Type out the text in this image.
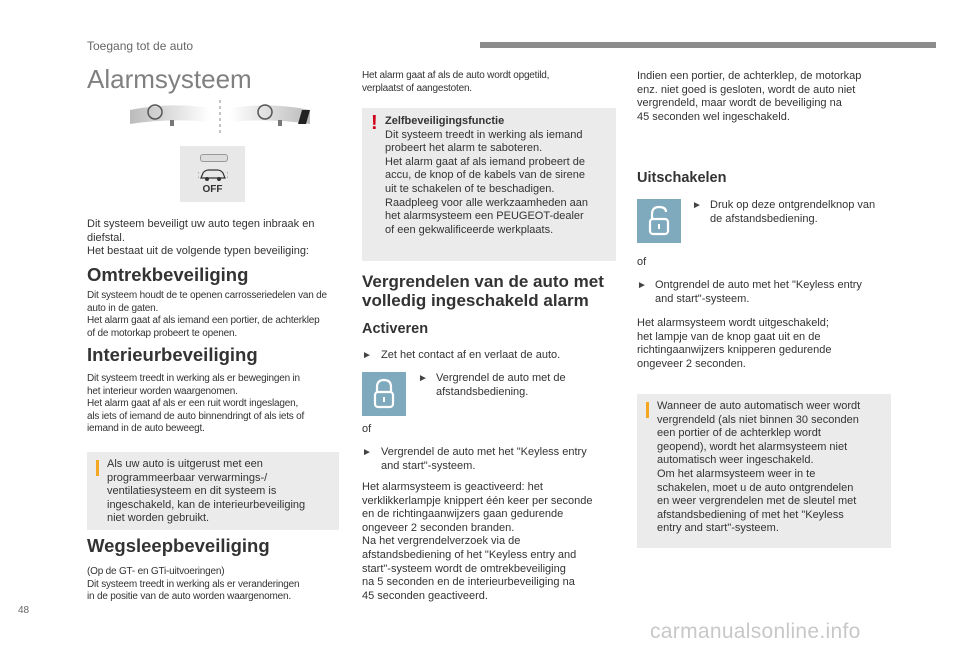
Toegang tot de auto
Alarmsysteem
OFF

Dit systeem beveiligt uw auto tegen inbraak en

diefstal.

Het bestaat uit de volgende typen beveiliging:

Omtrekbeveiliging

Dit systeem houdt de te openen carrosseriedelen van de

auto in de gaten.

Het alarm gaat af als iemand een portier, de achterklep

of de motorkap probeert te openen.

Interieurbeveiliging

Dit systeem treedt in werking als er bewegingen in

het interieur worden waargenomen.

Het alarm gaat af als er een ruit wordt ingeslagen,

als iets of iemand de auto binnendringt of als iets of

iemand in de auto beweegt.

Als uw auto is uitgerust met een

programmeerbaar verwarmings-/

ventilatiesysteem en dit systeem is

ingeschakeld, kan de interieurbeveiliging

niet worden gebruikt.

Wegsleepbeveiliging

(Op de GT- en GTi-uitvoeringen)

Dit systeem treedt in werking als er veranderingen

in de positie van de auto worden waargenomen.

Het alarm gaat af als de auto wordt opgetild,

verplaatst of aangestoten.

! Zelfbeveiligingsfunctie

Dit systeem treedt in werking als iemand

probeert het alarm te saboteren.

Het alarm gaat af als iemand probeert de

accu, de knop of de kabels van de sirene

uit te schakelen of te beschadigen.

Raadpleeg voor alle werkzaamheden aan

het alarmsysteem een PEUGEOT-dealer

of een gekwalificeerde werkplaats.

Vergrendelen van de auto met
volledig ingeschakeld alarm
Activeren
► Zet het contact af en verlaat de auto.
► Vergrendel de auto met de

afstandsbediening.

of
► Vergrendel de auto met het "Keyless entry

and start"-systeem.

Het alarmsysteem is geactiveerd: het

verklikkerlampje knippert één keer per seconde

en de richtingaanwijzers gaan gedurende

ongeveer 2 seconden branden.

Na het vergrendelverzoek via de

afstandsbediening of het "Keyless entry and

start"-systeem wordt de omtrekbeveiliging

na 5 seconden en de interieurbeveiliging na

45 seconden geactiveerd.

Indien een portier, de achterklep, de motorkap

enz. niet goed is gesloten, wordt de auto niet

vergrendeld, maar wordt de beveiliging na

45 seconden wel ingeschakeld.

Uitschakelen
► Druk op deze ontgrendelknop van

de afstandsbediening.

of
► Ontgrendel de auto met het "Keyless entry

and start"-systeem.

Het alarmsysteem wordt uitgeschakeld;

het lampje van de knop gaat uit en de

richtingaanwijzers knipperen gedurende

ongeveer 2 seconden.

Wanneer de auto automatisch weer wordt

vergrendeld (als niet binnen 30 seconden

een portier of de achterklep wordt

geopend), wordt het alarmsysteem niet

automatisch weer ingeschakeld.

Om het alarmsysteem weer in te

schakelen, moet u de auto ontgrendelen

en weer vergrendelen met de sleutel met

afstandsbediening of met het "Keyless

entry and start"-systeem.

48
carmanualsonline.info
